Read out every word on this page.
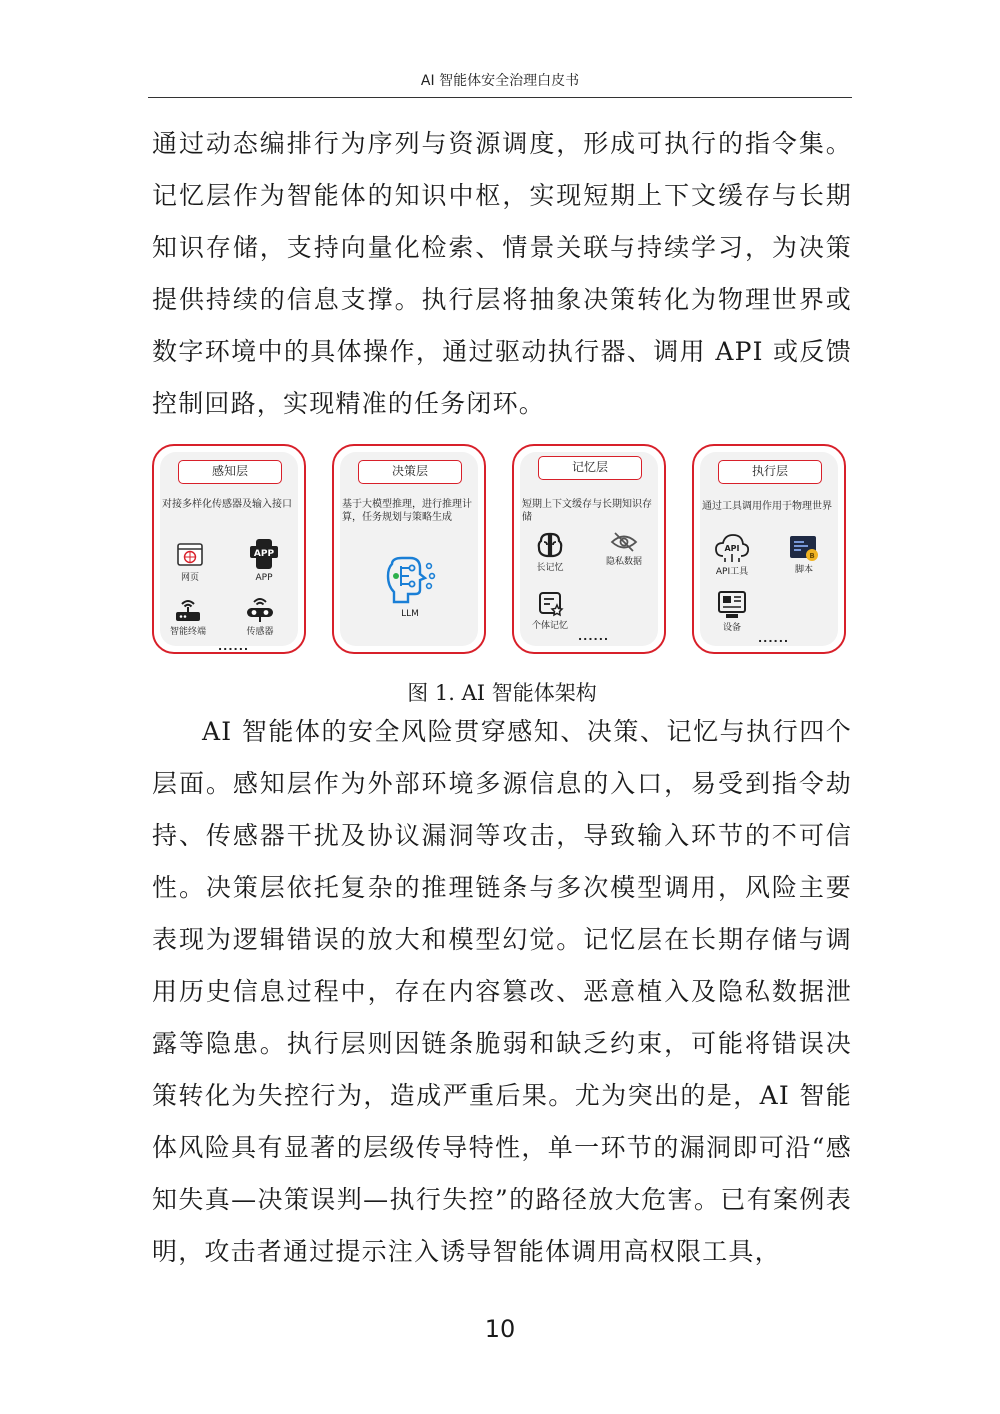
AI 智能体安全治理白皮书

通过动态编排行为序列与资源调度，形成可执行的指令集。记忆层作为智能体的知识中枢，实现短期上下文缓存与长期知识存储，支持向量化检索、情景关联与持续学习，为决策提供持续的信息支撑。执行层将抽象决策转化为物理世界或数字环境中的具体操作，通过驱动执行器、调用 API 或反馈控制回路，实现精准的任务闭环。

感知层
对接多样化传感器及输入接口
网页
APP
APP
智能终端	传感器
......
决策层
基于大模型推理，进行推理计算，任务规划与策略生成
LLM
记忆层
短期上下文缓存与长期知识存储
长记忆
隐私数据
个体记忆
......
执行层
通过工具调用作用于物理世界
API
API工具
B
脚本
设备
......
图 1. AI 智能体架构

AI 智能体的安全风险贯穿感知、决策、记忆与执行四个层面。感知层作为外部环境多源信息的入口，易受到指令劫持、传感器干扰及协议漏洞等攻击，导致输入环节的不可信性。决策层依托复杂的推理链条与多次模型调用，风险主要表现为逻辑错误的放大和模型幻觉。记忆层在长期存储与调用历史信息过程中，存在内容篡改、恶意植入及隐私数据泄露等隐患。执行层则因链条脆弱和缺乏约束，可能将错误决策转化为失控行为，造成严重后果。尤为突出的是，AI 智能体风险具有显著的层级传导特性，单一环节的漏洞即可沿“感知失真—决策误判—执行失控”的路径放大危害。已有案例表明，攻击者通过提示注入诱导智能体调用高权限工具，

10
